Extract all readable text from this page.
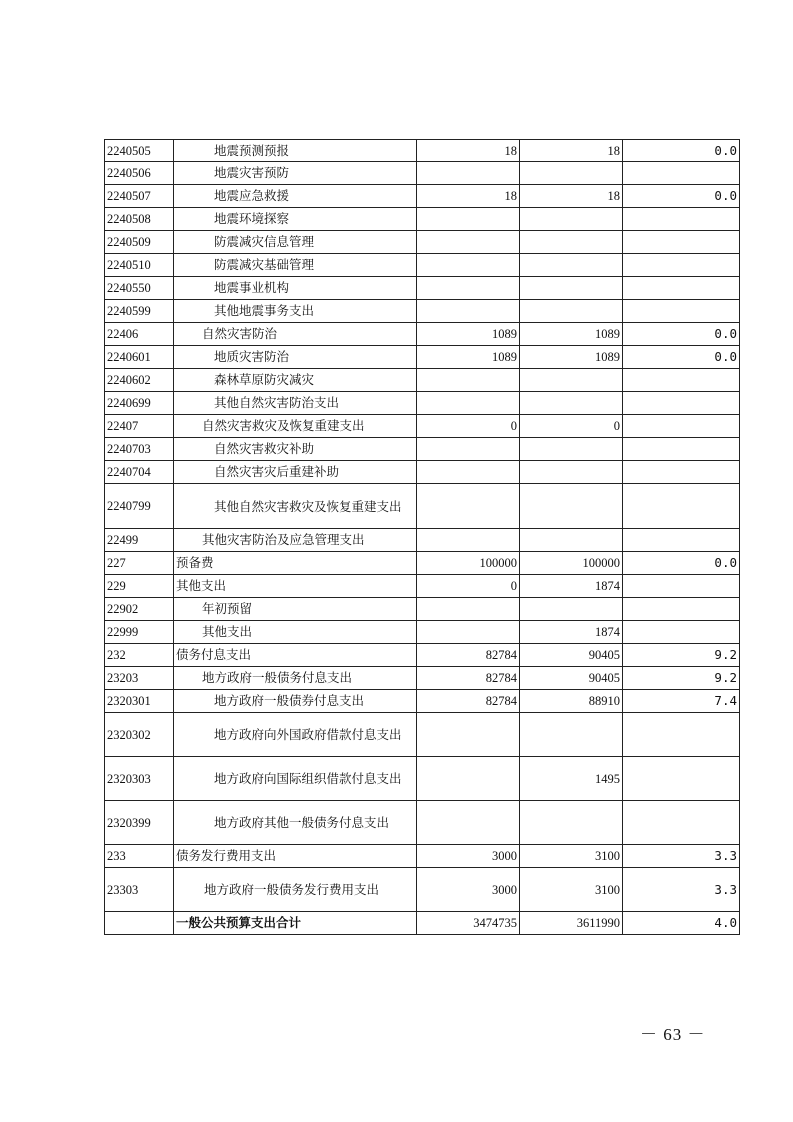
2240505	地震预测预报	18	18	0.0
2240506	地震灾害预防			
2240507	地震应急救援	18	18	0.0
2240508	地震环境探察			
2240509	防震减灾信息管理			
2240510	防震减灾基础管理			
2240550	地震事业机构			
2240599	其他地震事务支出			
22406	自然灾害防治	1089	1089	0.0
2240601	地质灾害防治	1089	1089	0.0
2240602	森林草原防灾减灾			
2240699	其他自然灾害防治支出			
22407	自然灾害救灾及恢复重建支出	0	0	
2240703	自然灾害救灾补助			
2240704	自然灾害灾后重建补助			
2240799	其他自然灾害救灾及恢复重建支出			
22499	其他灾害防治及应急管理支出			
227	预备费	100000	100000	0.0
229	其他支出	0	1874	
22902	年初预留			
22999	其他支出		1874	
232	债务付息支出	82784	90405	9.2
23203	地方政府一般债务付息支出	82784	90405	9.2
2320301	地方政府一般债券付息支出	82784	88910	7.4
2320302	地方政府向外国政府借款付息支出			
2320303	地方政府向国际组织借款付息支出		1495	
2320399	地方政府其他一般债务付息支出			
233	债务发行费用支出	3000	3100	3.3
23303	地方政府一般债务发行费用支出	3000	3100	3.3
	一般公共预算支出合计	3474735	3611990	4.0
－ 63 －
